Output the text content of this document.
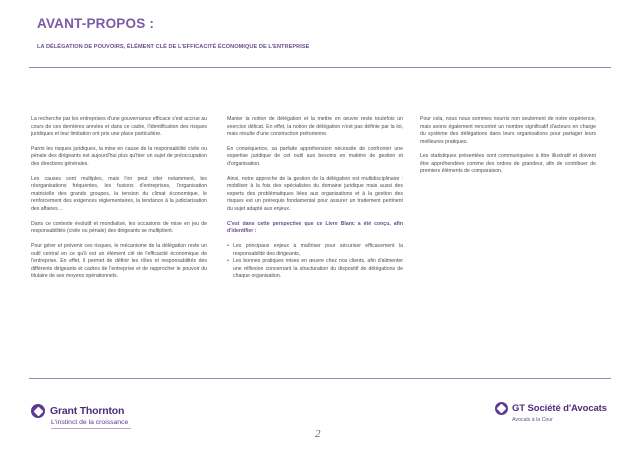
AVANT-PROPOS :
LA DÉLÉGATION DE POUVOIRS, ÉLÉMENT CLÉ DE L'EFFICACITÉ ÉCONOMIQUE DE L'ENTREPRISE

La recherche par les entreprises d'une gouvernance efficace s'est accrue au cours de ces dernières années et dans ce cadre, l'identification des risques juridiques et leur limitation ont pris une place particulière.

Parmi les risques juridiques, la mise en cause de la responsabilité civile ou pénale des dirigeants est aujourd'hui plus qu'hier un sujet de préoccupation des directions générales.

Les causes sont multiples, mais l'on peut citer notamment, les réorganisations fréquentes, les fusions d'entreprises, l'organisation matricielle des grands groupes, la tension du climat économique, le renforcement des exigences réglementaires, la tendance à la judiciarisation des affaires…

Dans ce contexte évolutif et mondialisé, les occasions de mise en jeu de responsabilités (civile ou pénale) des dirigeants se multiplient.

Pour gérer et prévenir ces risques, le mécanisme de la délégation reste un outil central en ce qu'il est un élément clé de l'efficacité économique de l'entreprise. En effet, il permet de définir les rôles et responsabilités des différents dirigeants et cadres de l'entreprise et de rapprocher le pouvoir du titulaire de ses moyens opérationnels.

Manier la notion de délégation et la mettre en œuvre reste toutefois un exercice délicat. En effet, la notion de délégation n'est pas définie par la loi, mais résulte d'une construction prétorienne.

En conséquence, sa parfaite appréhension nécessite de confronter une expertise juridique de cet outil aux besoins en matière de gestion et d'organisation.

Ainsi, notre approche de la gestion de la délégation est multidisciplinaire : mobiliser à la fois des spécialistes du domaine juridique mais aussi des experts des problématiques liées aux organisations et à la gestion des risques est un prérequis fondamental pour assurer un traitement pertinent du sujet adapté aux enjeux.

C'est dans cette perspective que ce Livre Blanc a été conçu, afin d'identifier :

• Les principaux enjeux à maîtriser pour sécuriser efficacement la responsabilité des dirigeants,
• Les bonnes pratiques mises en œuvre chez nos clients, afin d'alimenter une réflexion concernant la structuration du dispositif de délégations de chaque organisation.

Pour cela, nous nous sommes nourris non seulement de notre expérience, mais avons également rencontré un nombre significatif d'acteurs en charge du système des délégations dans leurs organisations pour partager leurs meilleures pratiques.

Les statistiques présentées sont communiquées à titre illustratif et doivent être appréhendées comme des ordres de grandeur, afin de contribuer de premiers éléments de comparaison.

Grant Thornton
L'instinct de la croissance
GT Société d'Avocats
Avocats à la Cour
2
